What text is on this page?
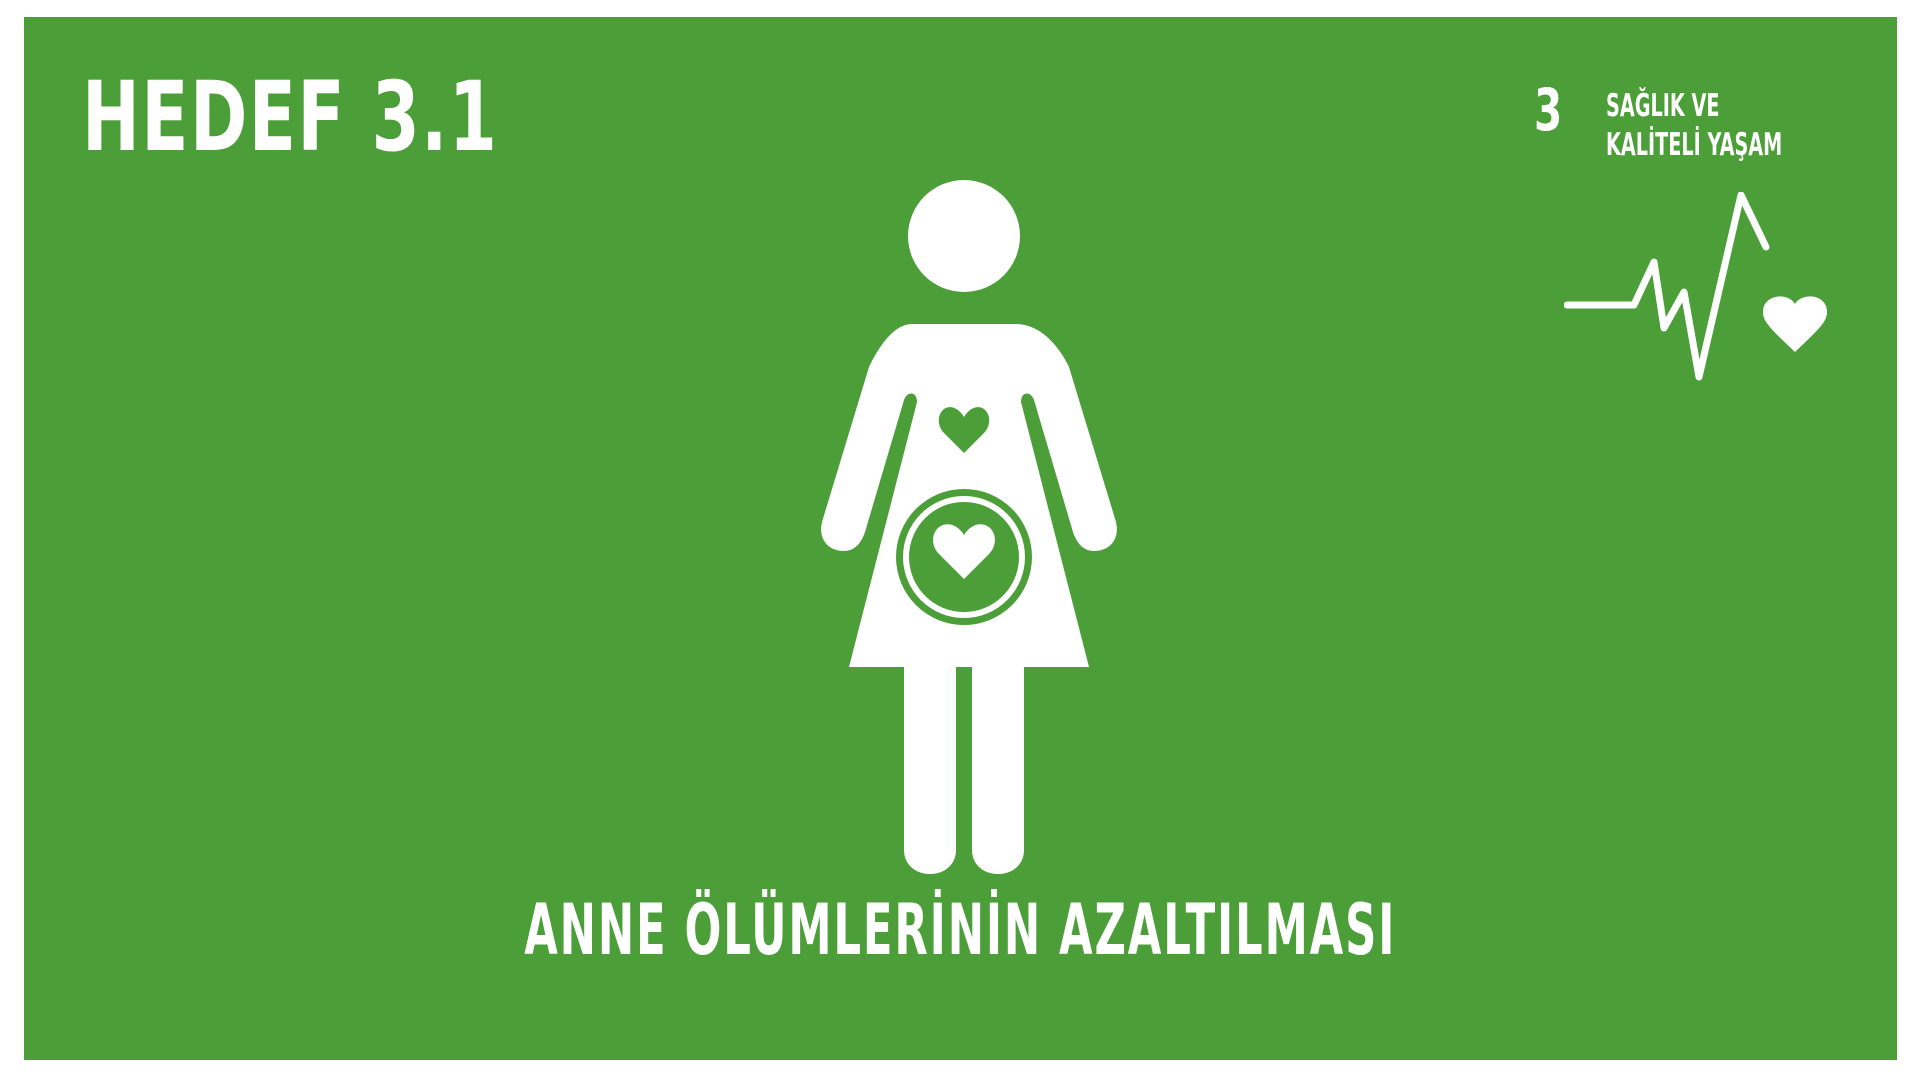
HEDEF 3.1	3 SAĞLIK VE
KALİTELİ YAŞAM
ANNE ÖLÜMLERİNİN AZALTILMASI
